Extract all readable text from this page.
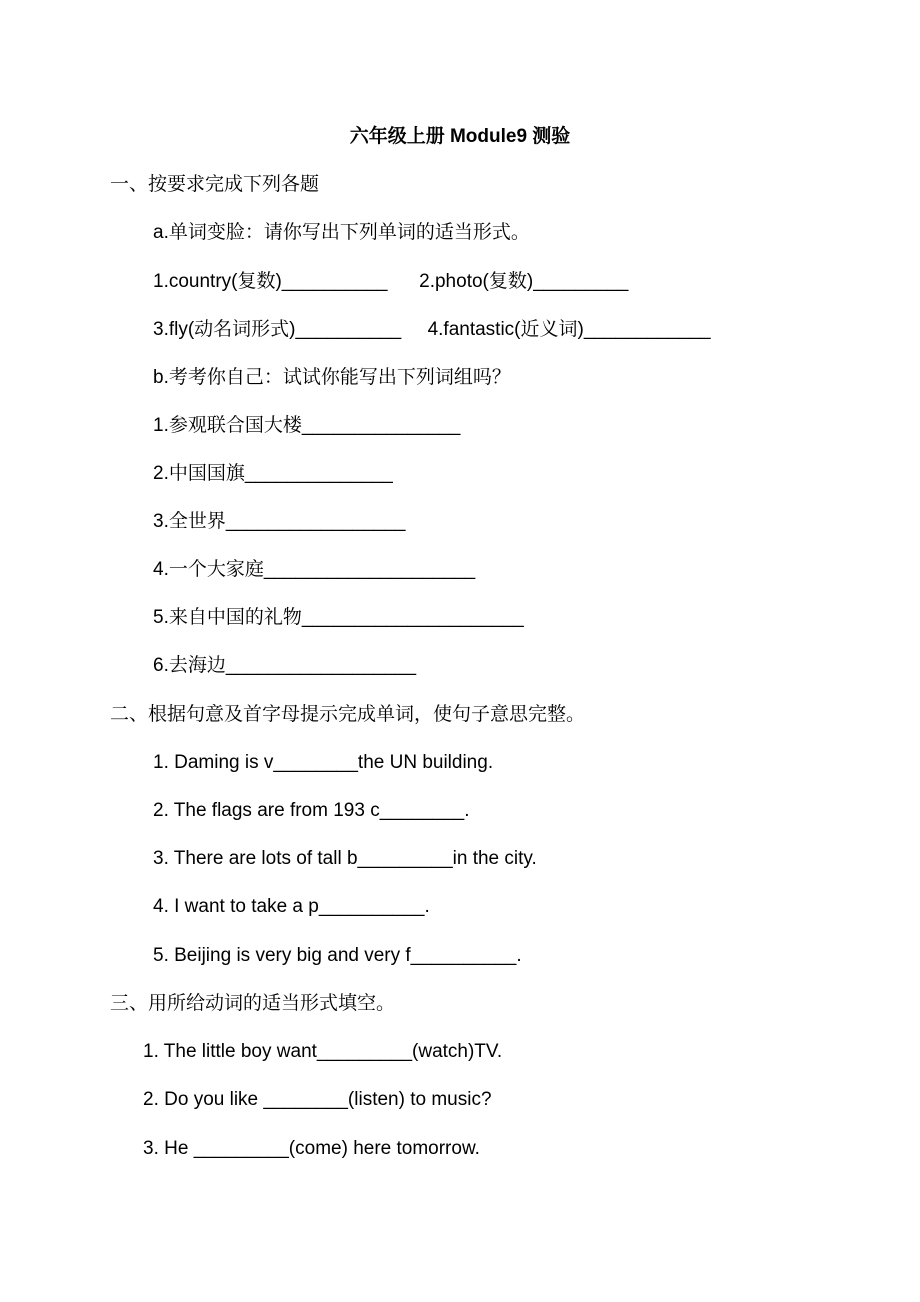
六年级上册 Module9 测验
一、按要求完成下列各题
a.单词变脸：请你写出下列单词的适当形式。
1.country(复数)__________      2.photo(复数)_________
3.fly(动名词形式)__________     4.fantastic(近义词)____________
b.考考你自己：试试你能写出下列词组吗？
1.参观联合国大楼_______________
2.中国国旗______________
3.全世界_________________
4.一个大家庭____________________
5.来自中国的礼物_____________________
6.去海边__________________
二、根据句意及首字母提示完成单词，使句子意思完整。
1. Daming is v________the UN building.
2. The flags are from 193 c________.
3. There are lots of tall b_________in the city.
4. I want to take a p__________.
5. Beijing is very big and very f__________.
三、用所给动词的适当形式填空。
1. The little boy want_________(watch)TV.
2. Do you like ________(listen) to music?
3. He _________(come) here tomorrow.
